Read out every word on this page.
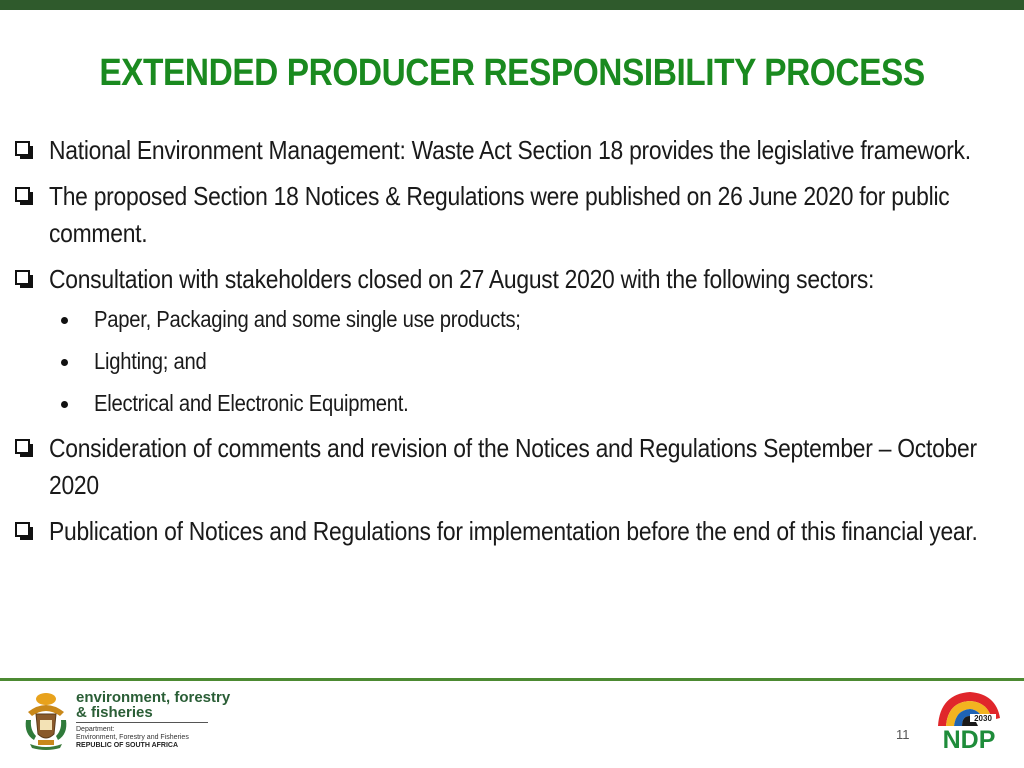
EXTENDED PRODUCER RESPONSIBILITY PROCESS
National Environment Management: Waste Act Section 18 provides the legislative framework.
The proposed Section 18 Notices & Regulations were published on 26 June 2020 for public comment.
Consultation with stakeholders closed on 27 August 2020 with the following sectors:
Paper, Packaging and some single use products;
Lighting; and
Electrical and Electronic Equipment.
Consideration of comments and revision of the Notices and Regulations September – October 2020
Publication of Notices and Regulations for implementation before the end of this financial year.
environment, forestry
& fisheries
Department:
Environment, Forestry and Fisheries
REPUBLIC OF SOUTH AFRICA
11
2030
NDP
